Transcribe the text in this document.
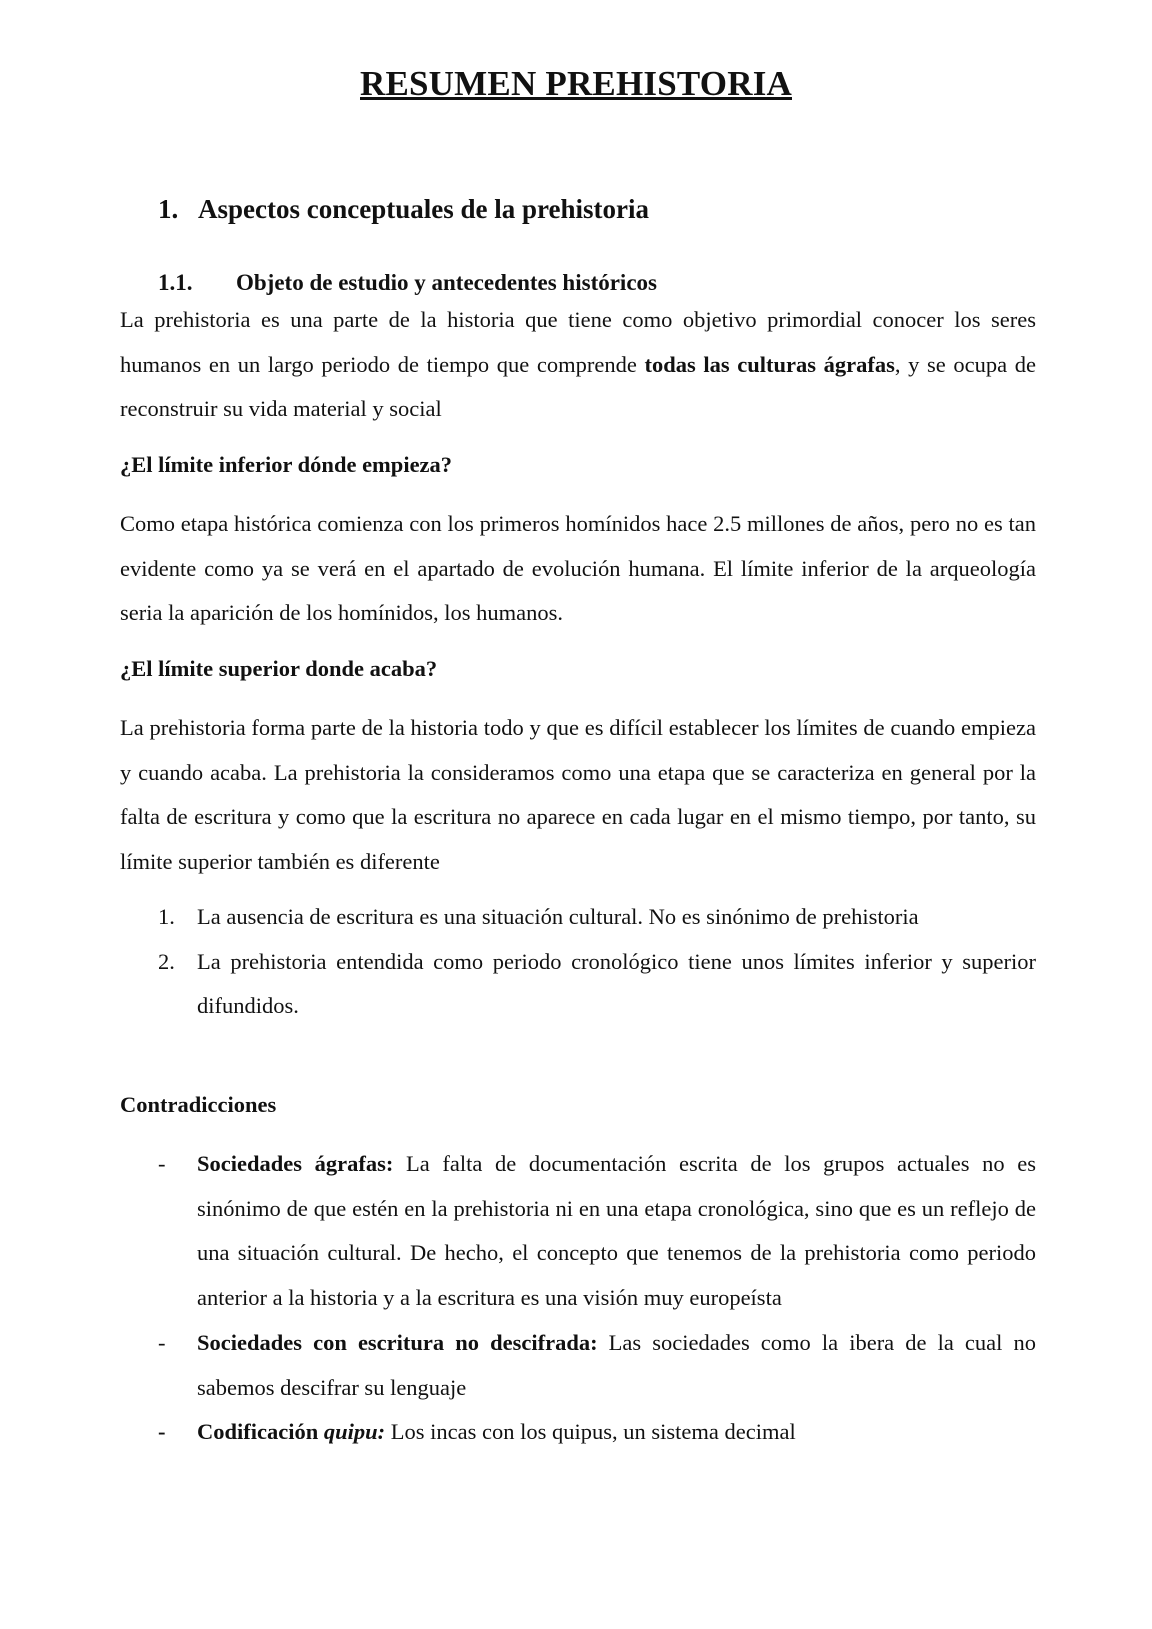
RESUMEN PREHISTORIA
1. Aspectos conceptuales de la prehistoria
1.1. Objeto de estudio y antecedentes históricos

La prehistoria es una parte de la historia que tiene como objetivo primordial conocer los seres humanos en un largo periodo de tiempo que comprende todas las culturas ágrafas, y se ocupa de reconstruir su vida material y social

¿El límite inferior dónde empieza?

Como etapa histórica comienza con los primeros homínidos hace 2.5 millones de años, pero no es tan evidente como ya se verá en el apartado de evolución humana. El límite inferior de la arqueología seria la aparición de los homínidos, los humanos.

¿El límite superior donde acaba?

La prehistoria forma parte de la historia todo y que es difícil establecer los límites de cuando empieza y cuando acaba. La prehistoria la consideramos como una etapa que se caracteriza en general por la falta de escritura y como que la escritura no aparece en cada lugar en el mismo tiempo, por tanto, su límite superior también es diferente

1. La ausencia de escritura es una situación cultural. No es sinónimo de prehistoria
2. La prehistoria entendida como periodo cronológico tiene unos límites inferior y superior difundidos.

Contradicciones

- Sociedades ágrafas: La falta de documentación escrita de los grupos actuales no es sinónimo de que estén en la prehistoria ni en una etapa cronológica, sino que es un reflejo de una situación cultural. De hecho, el concepto que tenemos de la prehistoria como periodo anterior a la historia y a la escritura es una visión muy europeísta
- Sociedades con escritura no descifrada: Las sociedades como la ibera de la cual no sabemos descifrar su lenguaje
- Codificación quipu: Los incas con los quipus, un sistema decimal
